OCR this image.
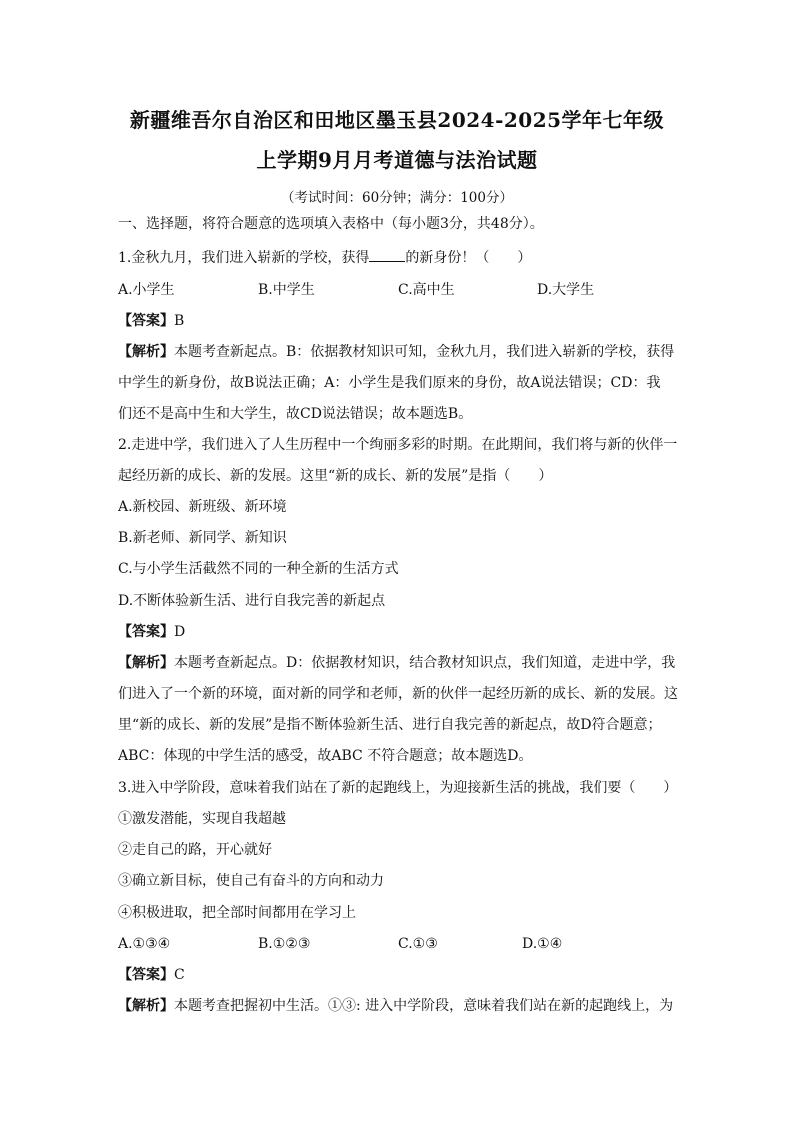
新疆维吾尔自治区和田地区墨玉县2024-2025学年七年级
上学期9月月考道德与法治试题
（考试时间：60分钟；满分：100分）
一、选择题，将符合题意的选项填入表格中（每小题3分，共48分）。
1.金秋九月，我们进入崭新的学校，获得	的新身份！（　　）
A.小学生	B.中学生	C.高中生	D.大学生
【答案】B
【解析】本题考查新起点。B：依据教材知识可知，金秋九月，我们进入崭新的学校，获得
中学生的新身份，故B说法正确；A：小学生是我们原来的身份，故A说法错误；CD：我
们还不是高中生和大学生，故CD说法错误；故本题选B。
2.走进中学，我们进入了人生历程中一个绚丽多彩的时期。在此期间，我们将与新的伙伴一
起经历新的成长、新的发展。这里“新的成长、新的发展”是指（　　）
A.新校园、新班级、新环境
B.新老师、新同学、新知识
C.与小学生活截然不同的一种全新的生活方式
D.不断体验新生活、进行自我完善的新起点
【答案】D
【解析】本题考查新起点。D：依据教材知识，结合教材知识点，我们知道，走进中学，我
们进入了一个新的环境，面对新的同学和老师，新的伙伴一起经历新的成长、新的发展。这
里“新的成长、新的发展”是指不断体验新生活、进行自我完善的新起点，故D符合题意；
ABC：体现的中学生活的感受，故ABC 不符合题意；故本题选D。
3.进入中学阶段，意味着我们站在了新的起跑线上，为迎接新生活的挑战，我们要（　　）
①激发潜能，实现自我超越
②走自己的路，开心就好
③确立新目标，使自己有奋斗的方向和动力
④积极进取，把全部时间都用在学习上
A.①③④	B.①②③	C.①③	D.①④
【答案】C
【解析】本题考查把握初中生活。①③: 进入中学阶段，意味着我们站在新的起跑线上，为
